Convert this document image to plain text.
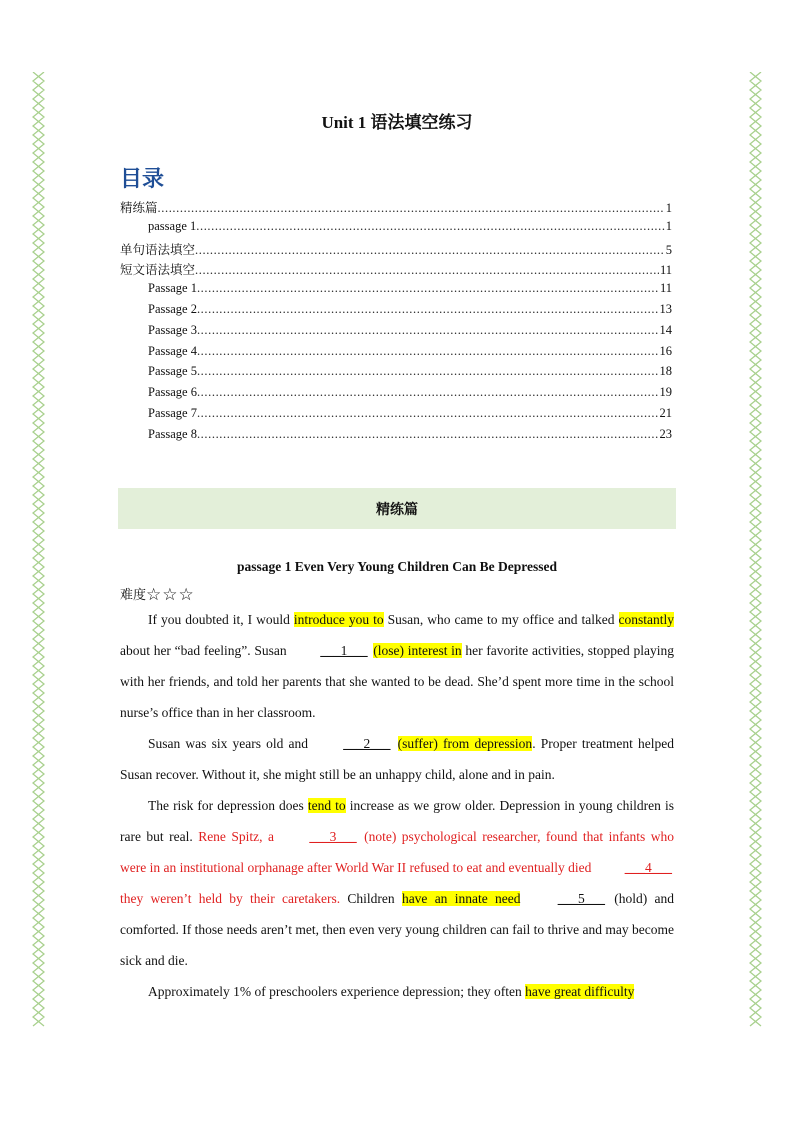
Unit 1 语法填空练习
目录
精练篇 .....	1
passage 1 .....	1
单句语法填空 .....	5
短文语法填空 .....	11
Passage 1 .....	11
Passage 2 .....	13
Passage 3 .....	14
Passage 4 .....	16
Passage 5 .....	18
Passage 6 .....	19
Passage 7 .....	21
Passage 8 .....	23
精练篇
passage 1 Even Very Young Children Can Be Depressed
难度☆☆☆

If you doubted it, I would introduce you to Susan, who came to my office and talked constantly about her “bad feeling”. Susan ___1___ (lose) interest in her favorite activities, stopped playing with her friends, and told her parents that she wanted to be dead. She’d spent more time in the school nurse’s office than in her classroom.

Susan was six years old and ___2___ (suffer) from depression. Proper treatment helped Susan recover. Without it, she might still be an unhappy child, alone and in pain.

The risk for depression does tend to increase as we grow older. Depression in young children is rare but real. Rene Spitz, a ___3___ (note) psychological researcher, found that infants who were in an institutional orphanage after World War II refused to eat and eventually died ___4___ they weren’t held by their caretakers. Children have an innate need	___5___ (hold) and comforted. If those needs aren’t met, then even very young children can fail to thrive and may become sick and die.

Approximately 1% of preschoolers experience depression; they often have great difficulty
